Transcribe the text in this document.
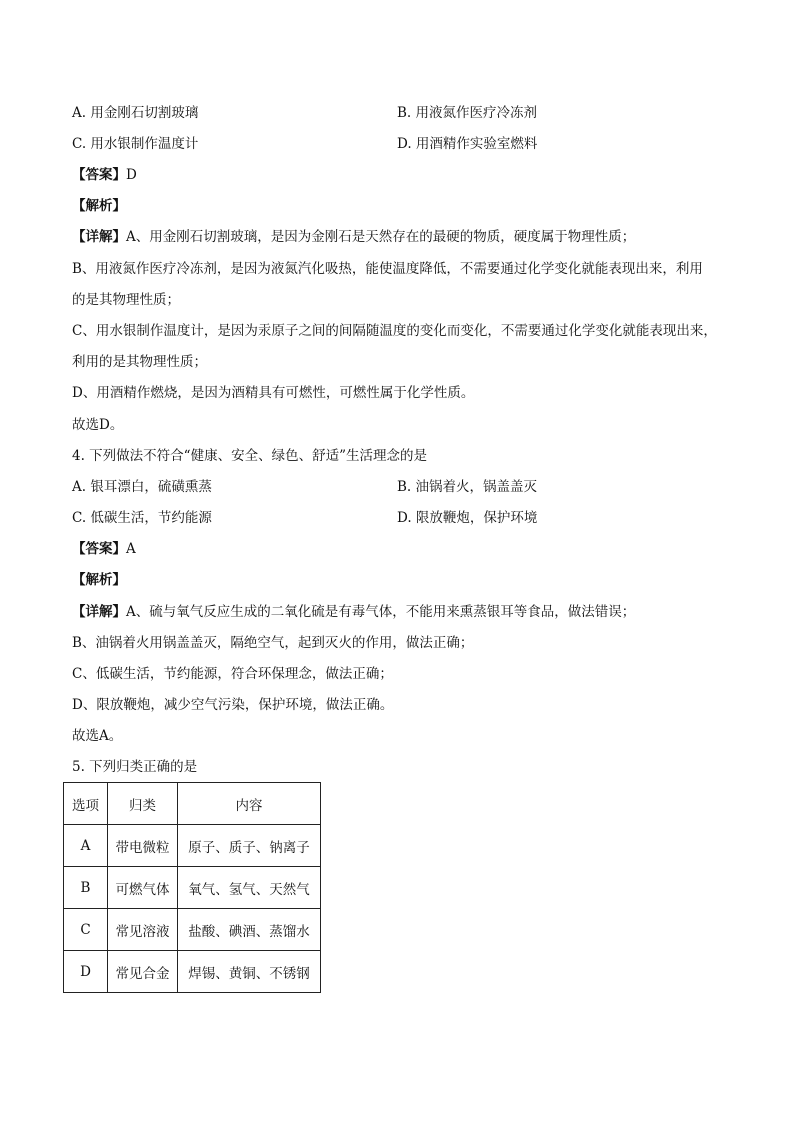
A. 用金刚石切割玻璃	B. 用液氮作医疗冷冻剂
C. 用水银制作温度计	D. 用酒精作实验室燃料
【答案】D
【解析】
【详解】A、用金刚石切割玻璃，是因为金刚石是天然存在的最硬的物质，硬度属于物理性质；
B、用液氮作医疗冷冻剂，是因为液氮汽化吸热，能使温度降低，不需要通过化学变化就能表现出来，利用
的是其物理性质；
C、用水银制作温度计，是因为汞原子之间的间隔随温度的变化而变化，不需要通过化学变化就能表现出来，
利用的是其物理性质；
D、用酒精作燃烧，是因为酒精具有可燃性，可燃性属于化学性质。
故选D。
4. 下列做法不符合“健康、安全、绿色、舒适”生活理念的是
A. 银耳漂白，硫磺熏蒸	B. 油锅着火，锅盖盖灭
C. 低碳生活，节约能源	D. 限放鞭炮，保护环境
【答案】A
【解析】
【详解】A、硫与氧气反应生成的二氧化硫是有毒气体，不能用来熏蒸银耳等食品，做法错误；
B、油锅着火用锅盖盖灭，隔绝空气，起到灭火的作用，做法正确；
C、低碳生活，节约能源，符合环保理念，做法正确；
D、限放鞭炮，减少空气污染，保护环境，做法正确。
故选A。
5. 下列归类正确的是
选项	归类	内容
A	带电微粒	原子、质子、钠离子
B	可燃气体	氧气、氢气、天然气
C	常见溶液	盐酸、碘酒、蒸馏水
D	常见合金	焊锡、黄铜、不锈钢
